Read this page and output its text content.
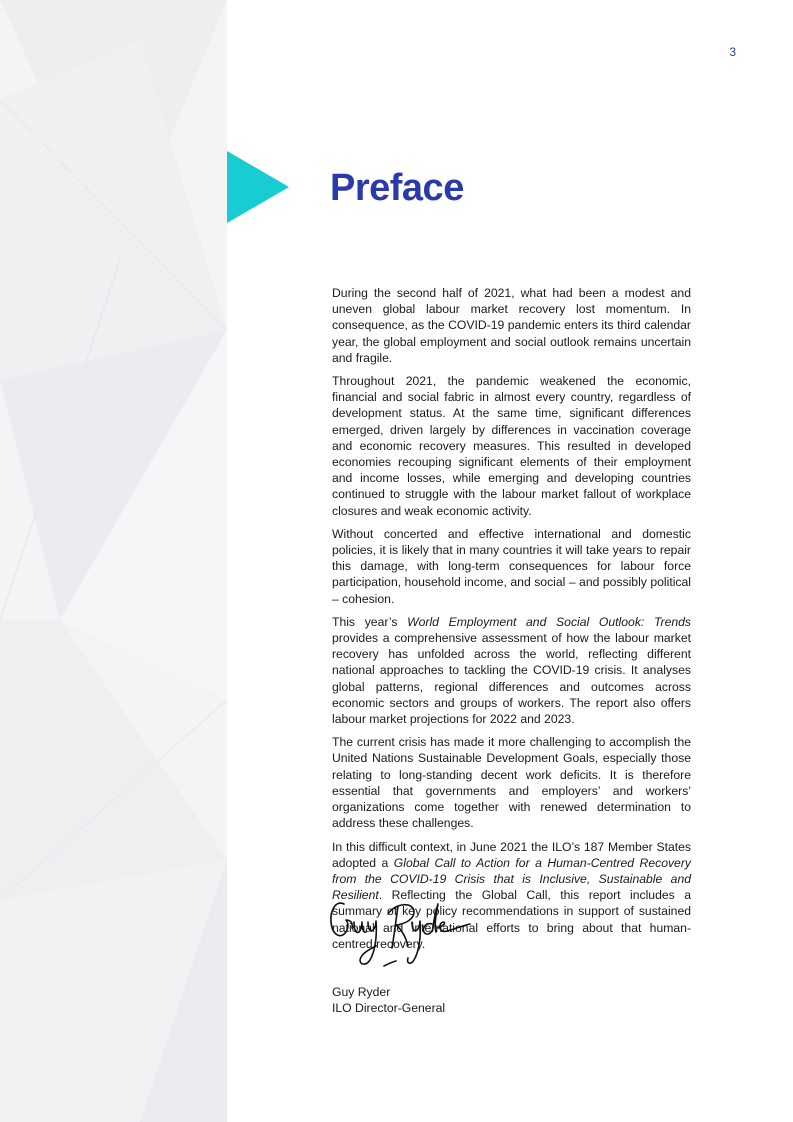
3
Preface

During the second half of 2021, what had been a modest and uneven global labour market recovery lost momentum. In consequence, as the COVID-19 pandemic enters its third calendar year, the global employment and social outlook remains uncertain and fragile.

Throughout 2021, the pandemic weakened the economic, financial and social fabric in almost every country, regardless of development status. At the same time, significant differences emerged, driven largely by differences in vaccination coverage and economic recovery measures. This resulted in developed economies recouping significant elements of their employment and income losses, while emerging and developing countries continued to struggle with the labour market fallout of workplace closures and weak economic activity.

Without concerted and effective international and domestic policies, it is likely that in many countries it will take years to repair this damage, with long-term consequences for labour force participation, household income, and social – and possibly political – cohesion.

This year’s World Employment and Social Outlook: Trends provides a comprehensive assessment of how the labour market recovery has unfolded across the world, reflecting different national approaches to tackling the COVID-19 crisis. It analyses global patterns, regional differences and outcomes across economic sectors and groups of workers. The report also offers labour market projections for 2022 and 2023.

The current crisis has made it more challenging to accomplish the United Nations Sustainable Development Goals, especially those relating to long-standing decent work deficits. It is therefore essential that governments and employers’ and workers’ organizations come together with renewed determination to address these challenges.

In this difficult context, in June 2021 the ILO’s 187 Member States adopted a Global Call to Action for a Human-Centred Recovery from the COVID-19 Crisis that is Inclusive, Sustainable and Resilient. Reflecting the Global Call, this report includes a summary of key policy recommendations in support of sustained national and international efforts to bring about that human-centred recovery.

Guy Ryder
ILO Director-General
